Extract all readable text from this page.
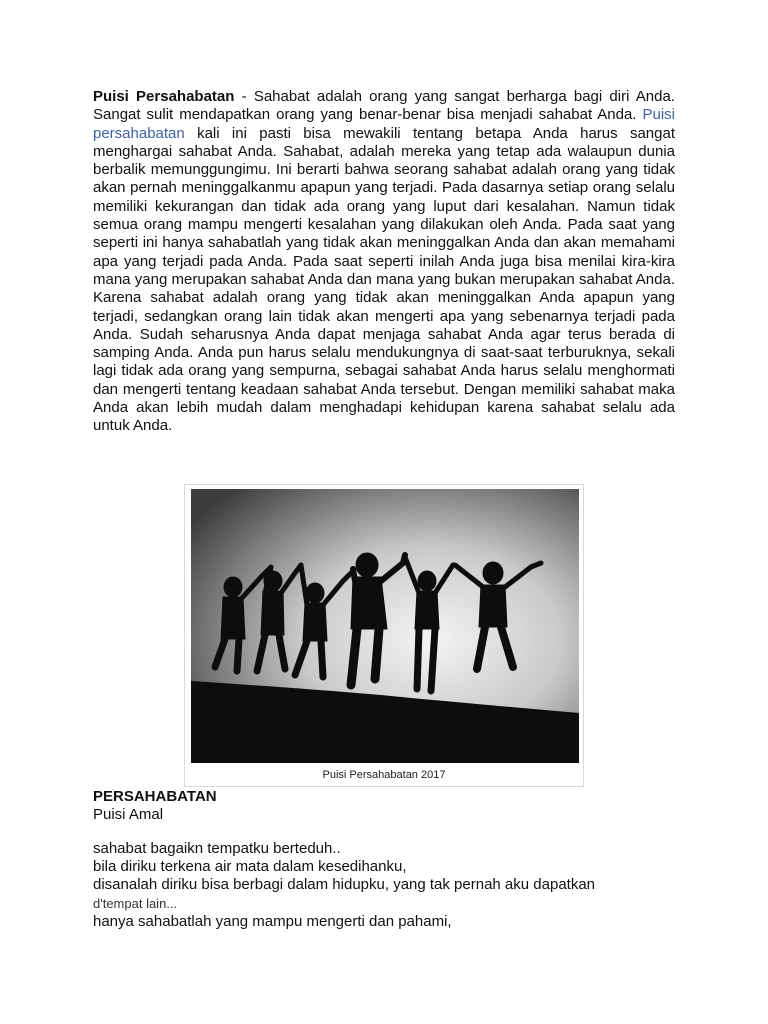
Puisi Persahabatan - Sahabat adalah orang yang sangat berharga bagi diri Anda. Sangat sulit mendapatkan orang yang benar-benar bisa menjadi sahabat Anda. Puisi persahabatan kali ini pasti bisa mewakili tentang betapa Anda harus sangat menghargai sahabat Anda. Sahabat, adalah mereka yang tetap ada walaupun dunia berbalik memunggungimu. Ini berarti bahwa seorang sahabat adalah orang yang tidak akan pernah meninggalkanmu apapun yang terjadi. Pada dasarnya setiap orang selalu memiliki kekurangan dan tidak ada orang yang luput dari kesalahan. Namun tidak semua orang mampu mengerti kesalahan yang dilakukan oleh Anda. Pada saat yang seperti ini hanya sahabatlah yang tidak akan meninggalkan Anda dan akan memahami apa yang terjadi pada Anda. Pada saat seperti inilah Anda juga bisa menilai kira-kira mana yang merupakan sahabat Anda dan mana yang bukan merupakan sahabat Anda. Karena sahabat adalah orang yang tidak akan meninggalkan Anda apapun yang terjadi, sedangkan orang lain tidak akan mengerti apa yang sebenarnya terjadi pada Anda. Sudah seharusnya Anda dapat menjaga sahabat Anda agar terus berada di samping Anda. Anda pun harus selalu mendukungnya di saat-saat terburuknya, sekali lagi tidak ada orang yang sempurna, sebagai sahabat Anda harus selalu menghormati dan mengerti tentang keadaan sahabat Anda tersebut. Dengan memiliki sahabat maka Anda akan lebih mudah dalam menghadapi kehidupan karena sahabat selalu ada untuk Anda.

Puisi Persahabatan 2017
PERSAHABATAN

Puisi Amal

sahabat bagaikn tempatku berteduh..
bila diriku terkena air mata dalam kesedihanku,
disanalah diriku bisa berbagi dalam hidupku, yang tak pernah aku dapatkan
d'tempat lain...
hanya sahabatlah yang mampu mengerti dan pahami,
